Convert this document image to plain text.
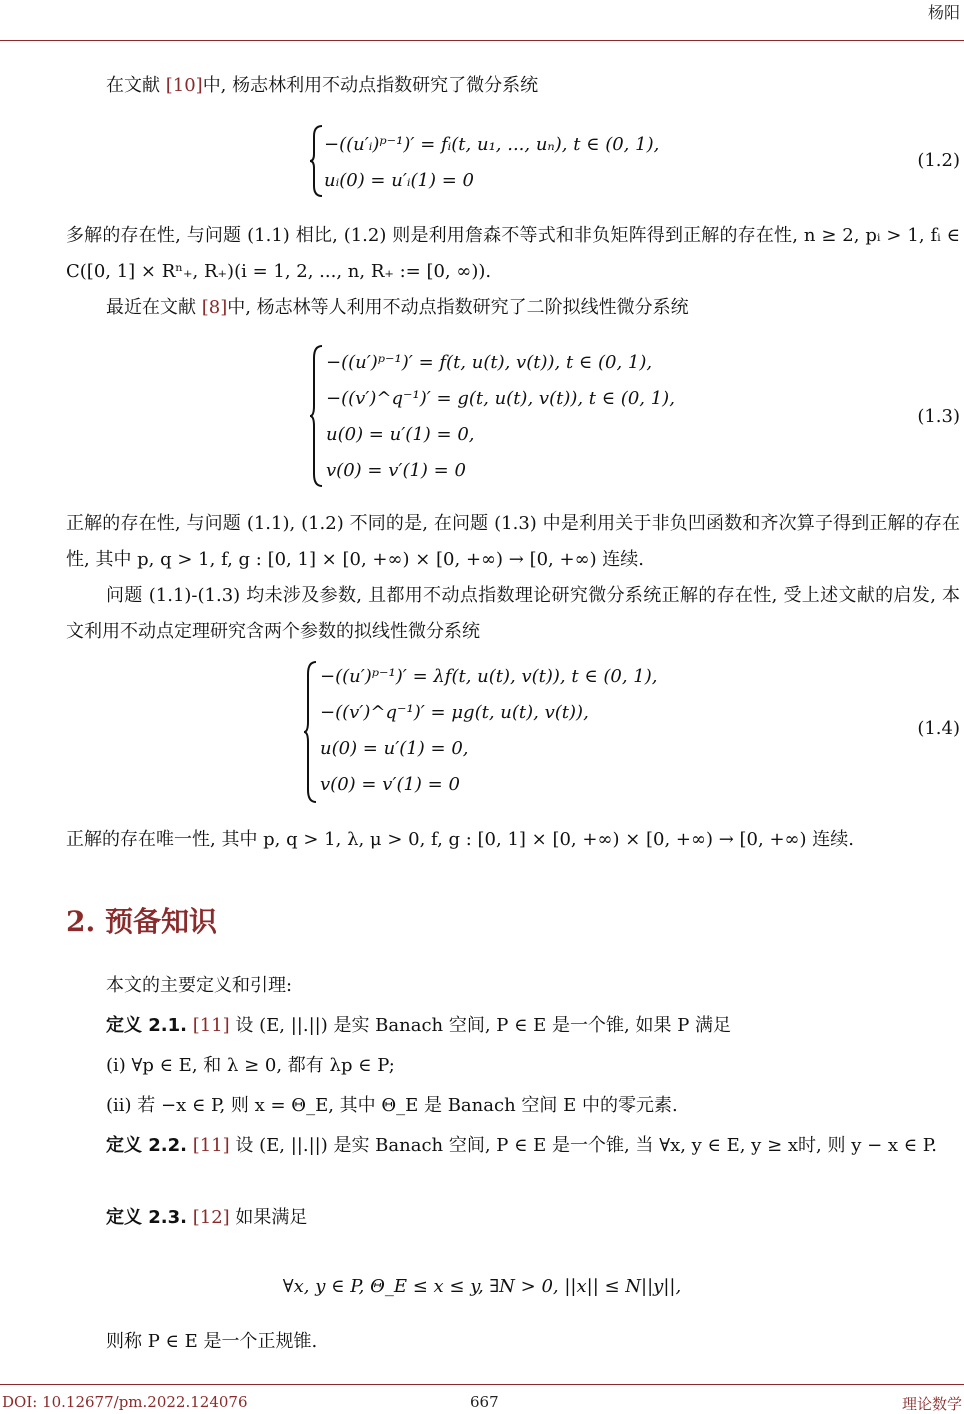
杨阳

在文献 [10]中, 杨志林利用不动点指数研究了微分系统

−((u′ᵢ)ᵖ⁻¹)′ = fᵢ(t, u₁, ..., uₙ), t ∈ (0, 1),
uᵢ(0) = u′ᵢ(1) = 0
(1.2)

多解的存在性, 与问题 (1.1) 相比, (1.2) 则是利用詹森不等式和非负矩阵得到正解的存在性, n ≥ 2, pᵢ > 1, fᵢ ∈ C([0, 1] × Rⁿ₊, R₊)(i = 1, 2, ..., n, R₊ := [0, ∞)).

最近在文献 [8]中, 杨志林等人利用不动点指数研究了二阶拟线性微分系统

−((u′)ᵖ⁻¹)′ = f(t, u(t), v(t)), t ∈ (0, 1),
−((v′)^q⁻¹)′ = g(t, u(t), v(t)), t ∈ (0, 1),
u(0) = u′(1) = 0,
v(0) = v′(1) = 0
(1.3)

正解的存在性, 与问题 (1.1), (1.2) 不同的是, 在问题 (1.3) 中是利用关于非负凹函数和齐次算子得到正解的存在性, 其中 p, q > 1, f, g : [0, 1] × [0, +∞) × [0, +∞) → [0, +∞) 连续.

问题 (1.1)-(1.3) 均未涉及参数, 且都用不动点指数理论研究微分系统正解的存在性, 受上述文献的启发, 本文利用不动点定理研究含两个参数的拟线性微分系统

−((u′)ᵖ⁻¹)′ = λf(t, u(t), v(t)), t ∈ (0, 1),
−((v′)^q⁻¹)′ = μg(t, u(t), v(t)),
u(0) = u′(1) = 0,
v(0) = v′(1) = 0
(1.4)

正解的存在唯一性, 其中 p, q > 1, λ, μ > 0, f, g : [0, 1] × [0, +∞) × [0, +∞) → [0, +∞) 连续.

2. 预备知识

本文的主要定义和引理:

定义 2.1. [11] 设 (E, ||.||) 是实 Banach 空间, P ∈ E 是一个锥, 如果 P 满足

(i) ∀p ∈ E, 和 λ ≥ 0, 都有 λp ∈ P;

(ii) 若 −x ∈ P, 则 x = Θ_E, 其中 Θ_E 是 Banach 空间 E 中的零元素.

定义 2.2. [11] 设 (E, ||.||) 是实 Banach 空间, P ∈ E 是一个锥, 当 ∀x, y ∈ E, y ≥ x时, 则 y − x ∈ P.

定义 2.3. [12] 如果满足

∀x, y ∈ P, Θ_E ≤ x ≤ y, ∃N > 0, ||x|| ≤ N||y||,

则称 P ∈ E 是一个正规锥.

DOI: 10.12677/pm.2022.124076	667	理论数学
